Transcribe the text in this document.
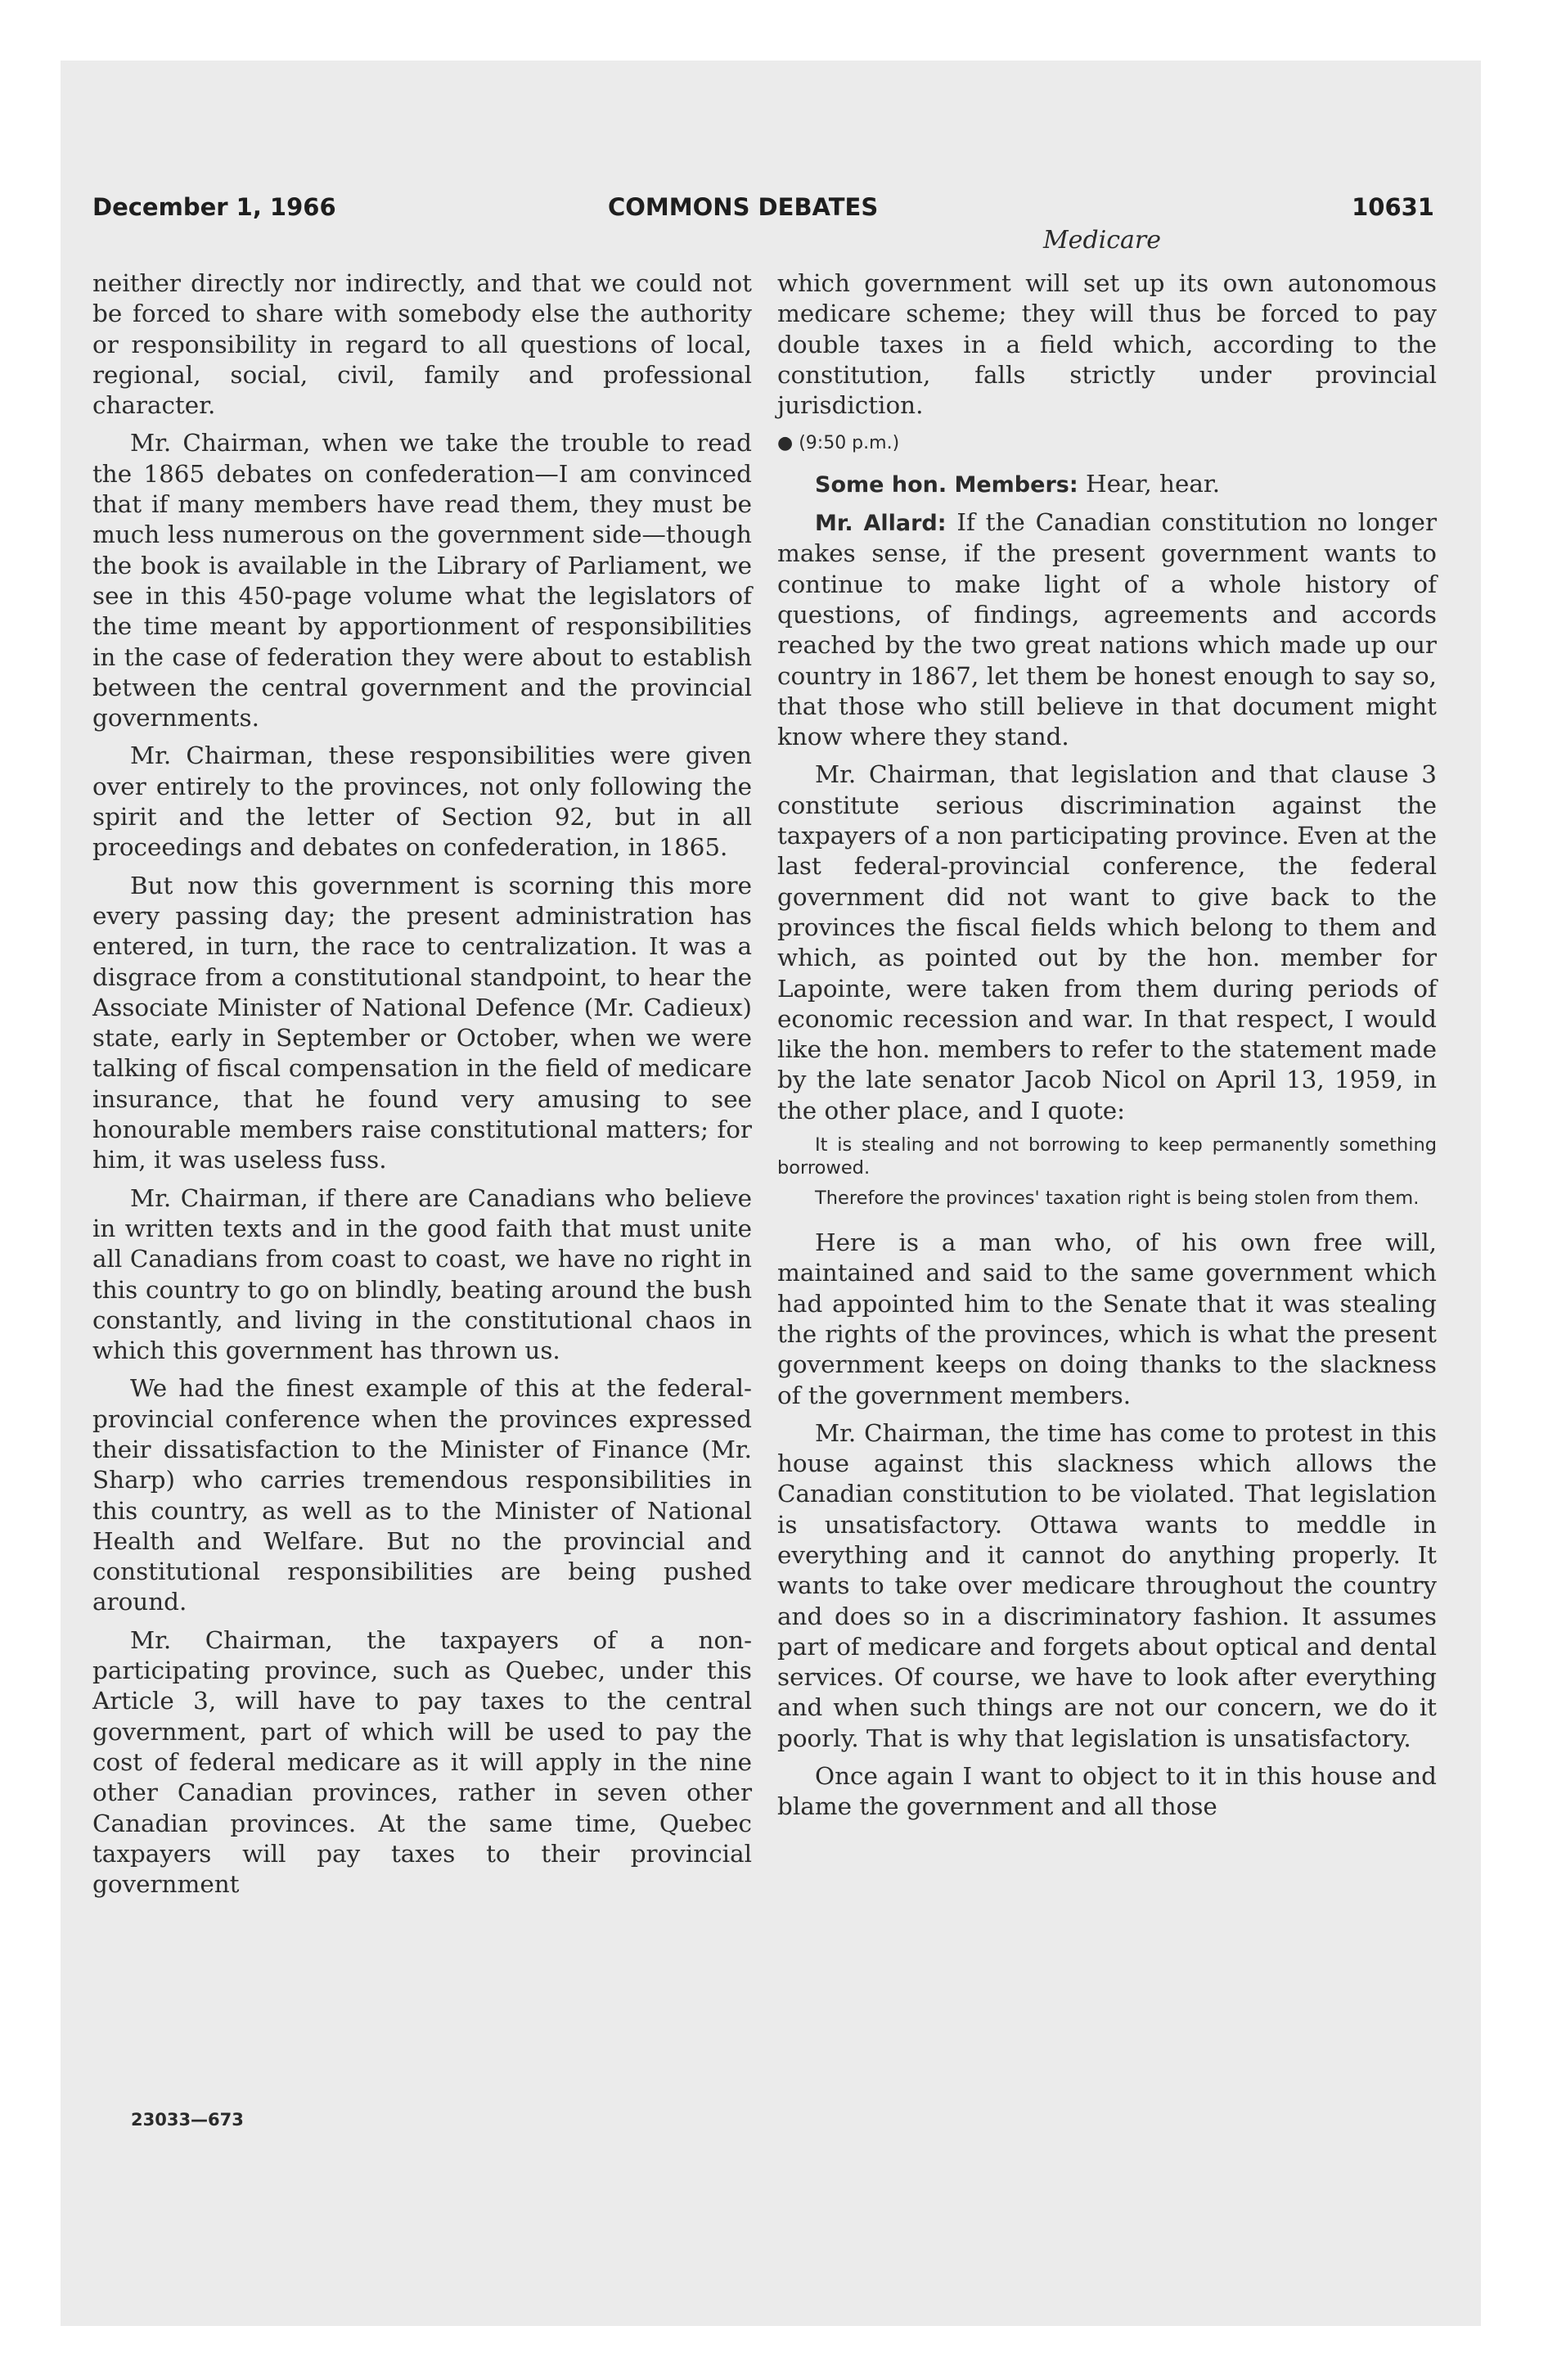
December 1, 1966	COMMONS DEBATES	10631
Medicare

neither directly nor indirectly, and that we could not be forced to share with somebody else the authority or responsibility in regard to all questions of local, regional, social, civil, family and professional character.

Mr. Chairman, when we take the trouble to read the 1865 debates on confederation—I am convinced that if many members have read them, they must be much less numerous on the government side—though the book is available in the Library of Parliament, we see in this 450-page volume what the legislators of the time meant by apportionment of responsibilities in the case of federation they were about to establish between the central government and the provincial governments.

Mr. Chairman, these responsibilities were given over entirely to the provinces, not only following the spirit and the letter of Section 92, but in all proceedings and debates on confederation, in 1865.

But now this government is scorning this more every passing day; the present administration has entered, in turn, the race to centralization. It was a disgrace from a constitutional standpoint, to hear the Associate Minister of National Defence (Mr. Cadieux) state, early in September or October, when we were talking of fiscal compensation in the field of medicare insurance, that he found very amusing to see honourable members raise constitutional matters; for him, it was useless fuss.

Mr. Chairman, if there are Canadians who believe in written texts and in the good faith that must unite all Canadians from coast to coast, we have no right in this country to go on blindly, beating around the bush constantly, and living in the constitutional chaos in which this government has thrown us.

We had the finest example of this at the federal-provincial conference when the provinces expressed their dissatisfaction to the Minister of Finance (Mr. Sharp) who carries tremendous responsibilities in this country, as well as to the Minister of National Health and Welfare. But no the provincial and constitutional responsibilities are being pushed around.

Mr. Chairman, the taxpayers of a non-participating province, such as Quebec, under this Article 3, will have to pay taxes to the central government, part of which will be used to pay the cost of federal medicare as it will apply in the nine other Canadian provinces, rather in seven other Canadian provinces. At the same time, Quebec taxpayers will pay taxes to their provincial government

23033—673

which government will set up its own autonomous medicare scheme; they will thus be forced to pay double taxes in a field which, according to the constitution, falls strictly under provincial jurisdiction.

● (9:50 p.m.)

Some hon. Members: Hear, hear.

Mr. Allard: If the Canadian constitution no longer makes sense, if the present government wants to continue to make light of a whole history of questions, of findings, agreements and accords reached by the two great nations which made up our country in 1867, let them be honest enough to say so, that those who still believe in that document might know where they stand.

Mr. Chairman, that legislation and that clause 3 constitute serious discrimination against the taxpayers of a non participating province. Even at the last federal-provincial conference, the federal government did not want to give back to the provinces the fiscal fields which belong to them and which, as pointed out by the hon. member for Lapointe, were taken from them during periods of economic recession and war. In that respect, I would like the hon. members to refer to the statement made by the late senator Jacob Nicol on April 13, 1959, in the other place, and I quote:

It is stealing and not borrowing to keep permanently something borrowed.

Therefore the provinces' taxation right is being stolen from them.

Here is a man who, of his own free will, maintained and said to the same government which had appointed him to the Senate that it was stealing the rights of the provinces, which is what the present government keeps on doing thanks to the slackness of the government members.

Mr. Chairman, the time has come to protest in this house against this slackness which allows the Canadian constitution to be violated. That legislation is unsatisfactory. Ottawa wants to meddle in everything and it cannot do anything properly. It wants to take over medicare throughout the country and does so in a discriminatory fashion. It assumes part of medicare and forgets about optical and dental services. Of course, we have to look after everything and when such things are not our concern, we do it poorly. That is why that legislation is unsatisfactory.

Once again I want to object to it in this house and blame the government and all those
